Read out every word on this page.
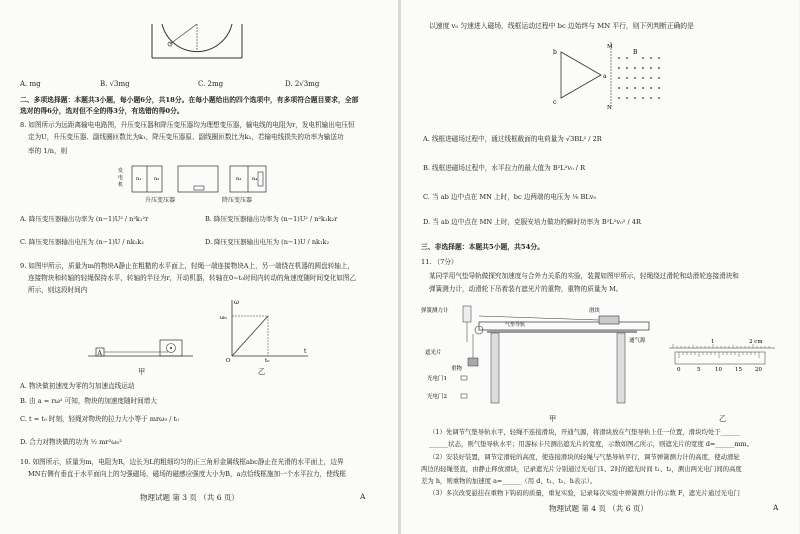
A. mg	B. √3mg	C. 2mg	D. 2√3mg
二、多项选择题：本题共3小题，每小题6分，共18分。在每小题给出的四个选项中，有多项符合题目要求，全部
选对的得6分，选对但不全的得3分，有选错的得0分。
8. 如图所示为远距离输电电路图，升压变压器和降压变压器均为理想变压器，输电线的电阻为r，发电机输出电压恒
定为U，升压变压器、副线圈匝数比为k₁，降压变压器原、副线圈匝数比为k₂，若输电线损失的功率为输送功
率的 1/n，则
发
电
机
n₂
n₁	n₃ n₄
升压变压器	降压变压器
A. 降压变压器输出功率为 (n−1)U² / n²k₁²r	B. 降压变压器输出功率为 (n−1)U² / n²k₁k₂r
C. 降压变压器输出电压为 (n−1)U / nk₁k₂	D. 降压变压器输出电压为 (n−1)U / nk₁k₂
9. 如图甲所示，质量为m的物块A静止在粗糙的水平面上，轻绳一端连接物块A上，另一端绕在机器的圆盘转轴上，
连接物块和转轴的轻绳保持水平，转轴的半径为r，开动机器，转轴在0~t₀时间内转动的角速度随时间变化如图乙
所示，则这段时间内
A
甲
ω
ω₀
t₀
t
O
乙
A. 物块做初速度为零的匀加速直线运动
B. 由 a = rω² 可知，物块的加速度随时间增大
C. t = t₀ 时刻，轻绳对物块的拉力大小等于 mrω₀ / t₀
D. 合力对物块做的功为 ½ mr²ω₀²
10. 如图所示，质量为m，电阻为R，边长为L的粗细均匀的正三角形金属线框abc静止在光滑的水平面上，边界
MN右侧有垂直于水平面向上的匀强磁场，磁场的磁感应强度大小为B，a点恰线框施加一个水平拉力，使线框
物理试题 第 3 页 （共 6 页）	A
以速度 v₀ 匀速进入磁场，线框运动过程中 bc 边始终与 MN 平行，则下列判断正确的是
b
c
a
M
N
B
A. 线框进磁场过程中，通过线框截面的电荷量为 √3BL² / 2R
B. 线框进磁场过程中，水平拉力的最大值为 B²L²v₀ / R
C. 当 ab 边中点在 MN 上时，bc 边两端的电压为 ⅙ BLv₀
D. 当 ab 边中点在 MN 上时，克服安培力做功的瞬时功率为 B²L²v₀² / 4R
三、非选择题：本题共5小题，共54分。
11. （7分）
某同学用气垫导轨做探究加速度与合外力关系的实验，装置如图甲所示，轻绳绕过滑轮和动滑轮连接滑块和
弹簧测力计，动滑轮下吊着装有遮光片的重物，重物的质量为 M。
弹簧测力计	滑块
气垫导轨
通气源
遮光片
重物
光电门1
光电门2
甲
1	2 cm
0	5	10 15 20
乙
（1）先调节气垫导轨水平，轻绳不连接滑块，开通气源，将滑块放在气垫导轨上任一位置，滑块均处于______
______状态，则气垫导轨水平；用游标卡尺测出遮光片的宽度，示数如图乙所示，则遮光片的宽度 d=______mm。
（2）安装好装置，调节定滑轮的高度，使连接滑块的轻绳与气垫导轨平行，调节弹簧测力计的高度，使动滑轮
两边的轻绳竖直，由静止释放滑块，记录遮光片分别通过光电门1、2时的遮光时间 t₁、t₂，测出两光电门间的高度
差为 h，则重物的加速度 a=______（用 d、t₁、t₂、h表示）。
（3）多次改变悬挂在重物下钩码的质量，重复实验，记录每次实验中弹簧测力计的示数 F，遮光片通过光电门
物理试题 第 4 页 （共 6 页）	A
